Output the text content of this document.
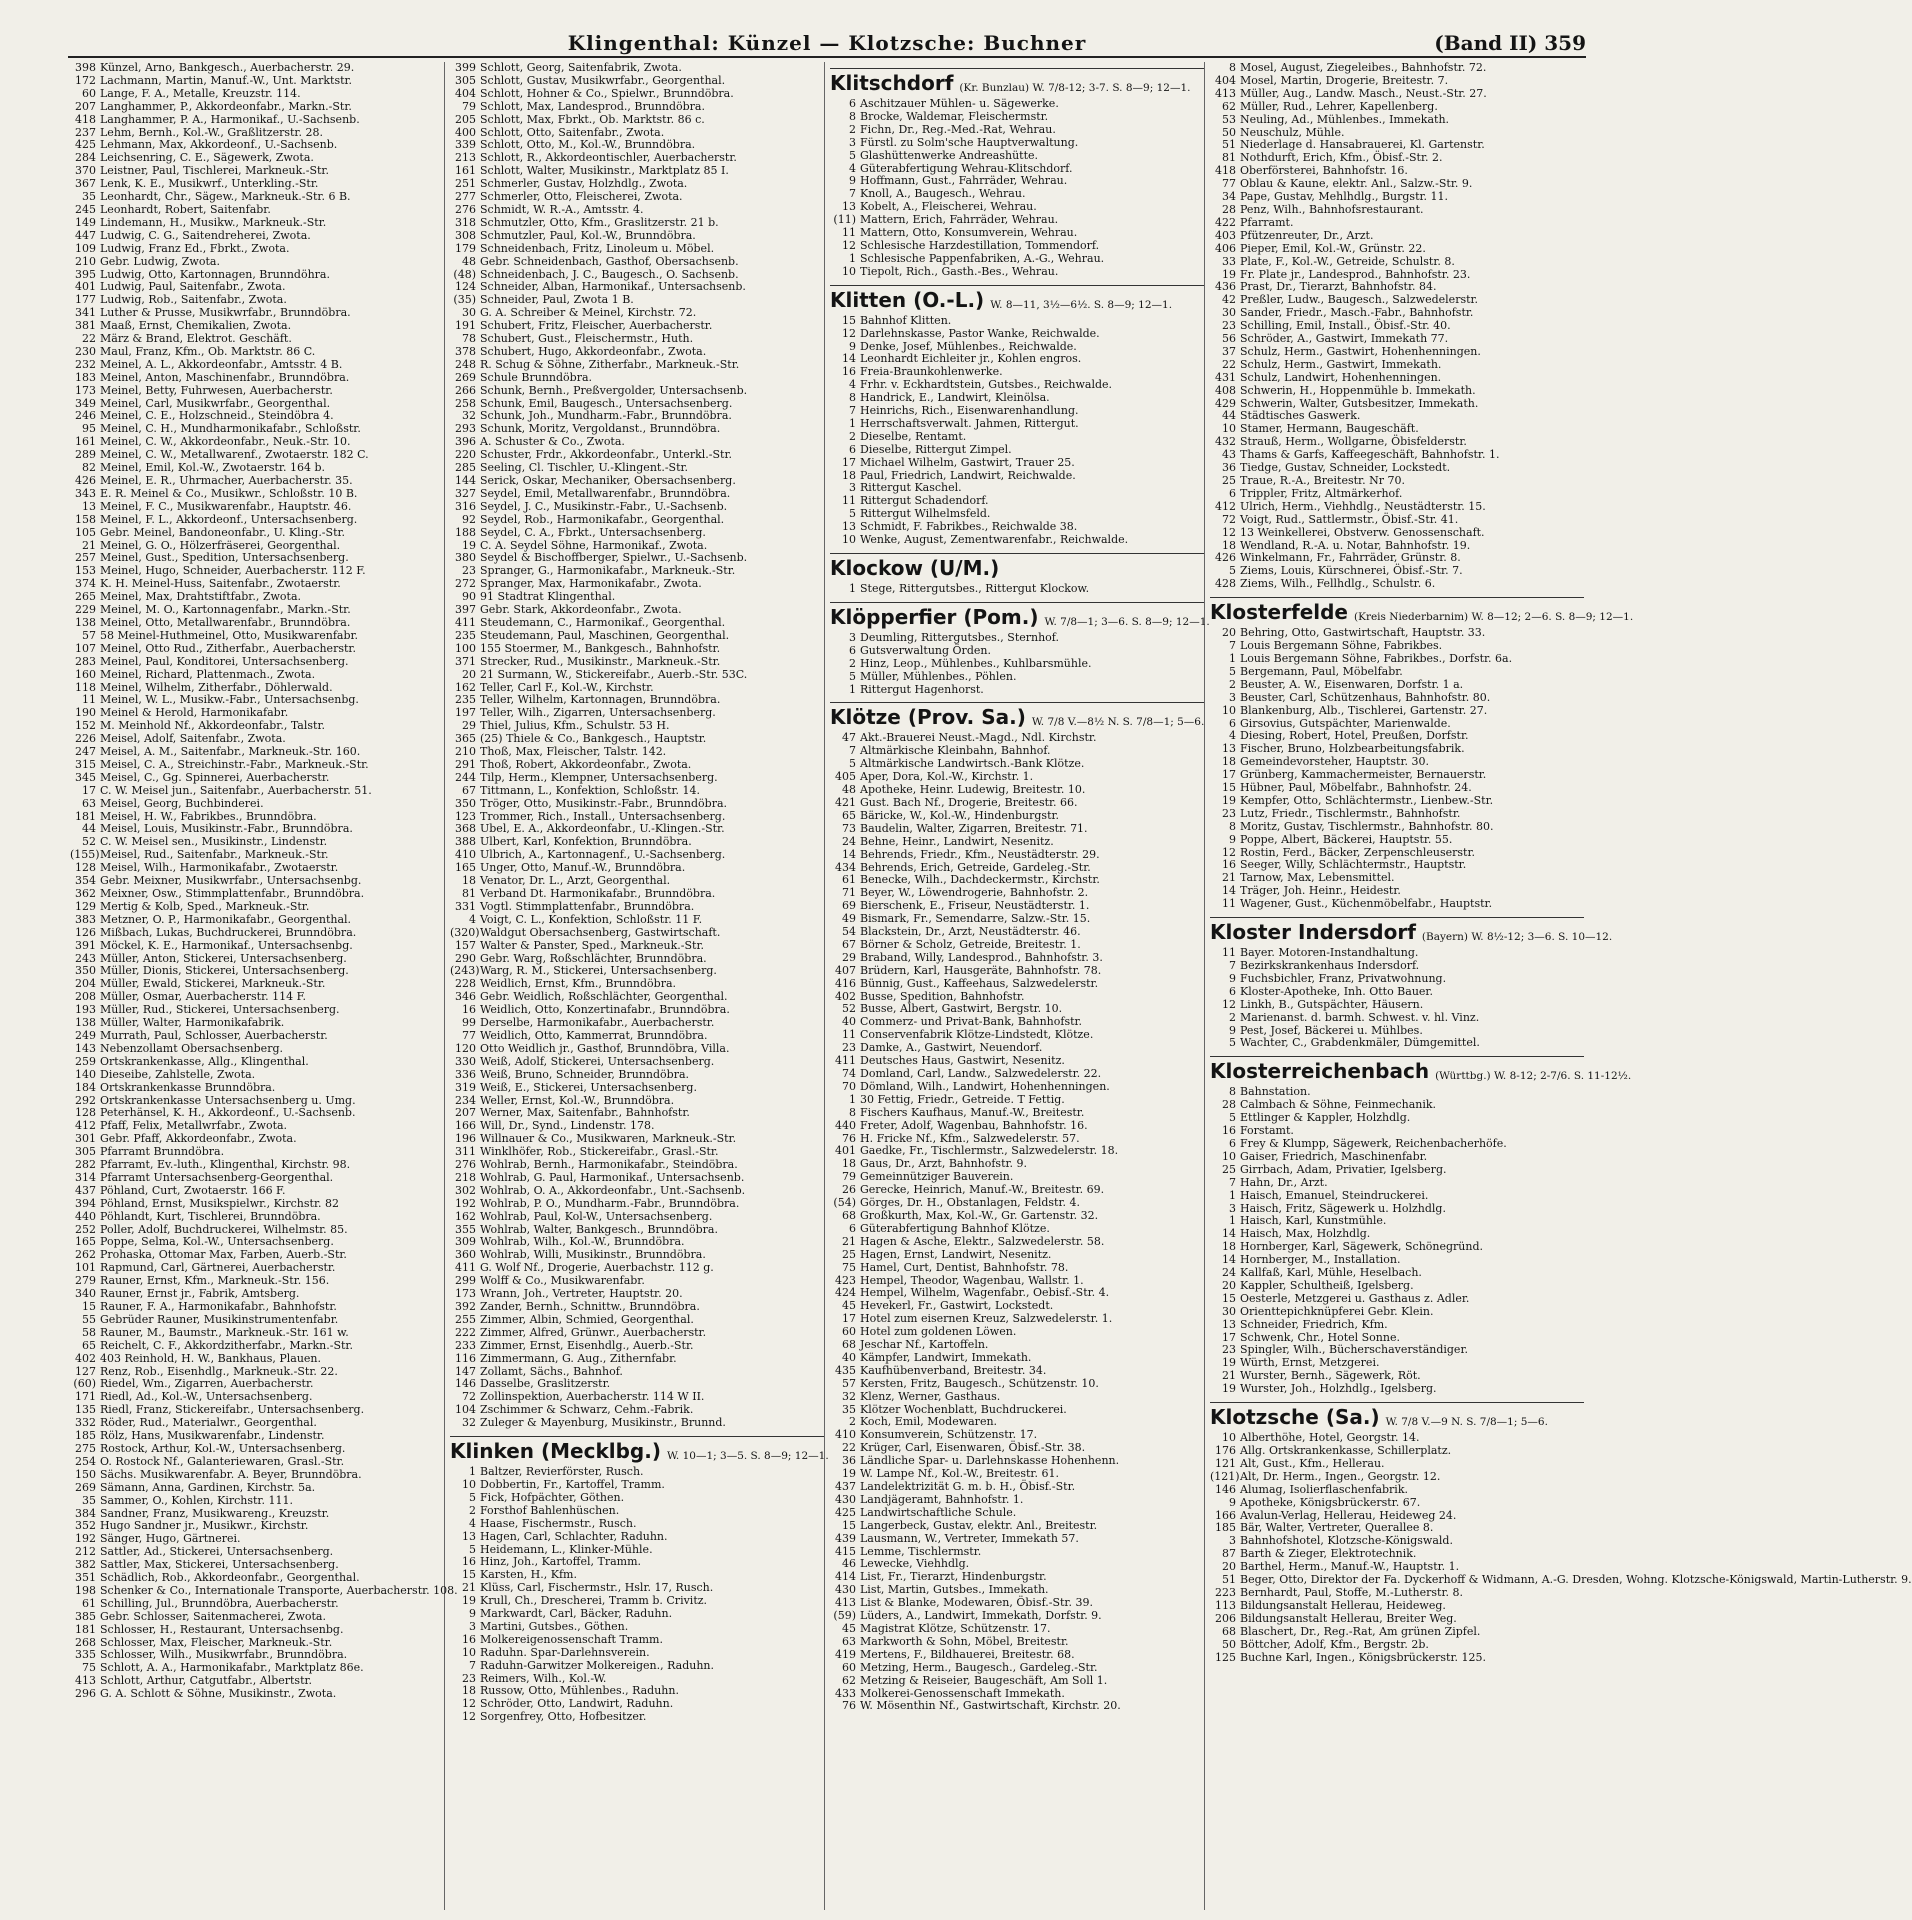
Klingenthal: Künzel — Klotzsche: Buchner	(Band II) 359
398 Künzel, Arno, Bankgesch., Auerbacherstr. 29.
172 Lachmann, Martin, Manuf.-W., Unt. Marktstr.
60 Lange, F. A., Metalle, Kreuzstr. 114.
207 Langhammer, P., Akkordeonfabr., Markn.-Str.
418 Langhammer, P. A., Harmonikaf., U.-Sachsenb.
237 Lehm, Bernh., Kol.-W., Graßlitzerstr. 28.
425 Lehmann, Max, Akkordeonf., U.-Sachsenb.
284 Leichsenring, C. E., Sägewerk, Zwota.
370 Leistner, Paul, Tischlerei, Markneuk.-Str.
367 Lenk, K. E., Musikwrf., Unterkling.-Str.
35 Leonhardt, Chr., Sägew., Markneuk.-Str. 6 B.
245 Leonhardt, Robert, Saitenfabr.
149 Lindemann, H., Musikw., Markneuk.-Str.
447 Ludwig, C. G., Saitendreherei, Zwota.
109 Ludwig, Franz Ed., Fbrkt., Zwota.
210 Gebr. Ludwig, Zwota.
395 Ludwig, Otto, Kartonnagen, Brunndöhra.
401 Ludwig, Paul, Saitenfabr., Zwota.
177 Ludwig, Rob., Saitenfabr., Zwota.
341 Luther & Prusse, Musikwrfabr., Brunndöbra.
381 Maaß, Ernst, Chemikalien, Zwota.
22 März & Brand, Elektrot. Geschäft.
230 Maul, Franz, Kfm., Ob. Marktstr. 86 C.
232 Meinel, A. L., Akkordeonfabr., Amtsstr. 4 B.
183 Meinel, Anton, Maschinenfabr., Brunndöbra.
173 Meinel, Betty, Fuhrwesen, Auerbacherstr.
349 Meinel, Carl, Musikwrfabr., Georgenthal.
246 Meinel, C. E., Holzschneid., Steindöbra 4.
95 Meinel, C. H., Mundharmonikafabr., Schloßstr.
161 Meinel, C. W., Akkordeonfabr., Neuk.-Str. 10.
289 Meinel, C. W., Metallwarenf., Zwotaerstr. 182 C.
82 Meinel, Emil, Kol.-W., Zwotaerstr. 164 b.
426 Meinel, E. R., Uhrmacher, Auerbacherstr. 35.
343 E. R. Meinel & Co., Musikwr., Schloßstr. 10 B.
13 Meinel, F. C., Musikwarenfabr., Hauptstr. 46.
158 Meinel, F. L., Akkordeonf., Untersachsenberg.
105 Gebr. Meinel, Bandoneonfabr., U. Kling.-Str.
21 Meinel, G. O., Hölzerfräserei, Georgenthal.
257 Meinel, Gust., Spedition, Untersachsenberg.
153 Meinel, Hugo, Schneider, Auerbacherstr. 112 F.
374 K. H. Meinel-Huss, Saitenfabr., Zwotaerstr.
265 Meinel, Max, Drahtstiftfabr., Zwota.
229 Meinel, M. O., Kartonnagenfabr., Markn.-Str.
138 Meinel, Otto, Metallwarenfabr., Brunndöbra.
57 58 Meinel-Huthmeinel, Otto, Musikwarenfabr.
107 Meinel, Otto Rud., Zitherfabr., Auerbacherstr.
283 Meinel, Paul, Konditorei, Untersachsenberg.
160 Meinel, Richard, Plattenmach., Zwota.
118 Meinel, Wilhelm, Zitherfabr., Döhlerwald.
11 Meinel, W. L., Musikw.-Fabr., Untersachsenbg.
190 Meinel & Herold, Harmonikafabr.
152 M. Meinhold Nf., Akkordeonfabr., Talstr.
226 Meisel, Adolf, Saitenfabr., Zwota.
247 Meisel, A. M., Saitenfabr., Markneuk.-Str. 160.
315 Meisel, C. A., Streichinstr.-Fabr., Markneuk.-Str.
345 Meisel, C., Gg. Spinnerei, Auerbacherstr.
17 C. W. Meisel jun., Saitenfabr., Auerbacherstr. 51.
63 Meisel, Georg, Buchbinderei.
181 Meisel, H. W., Fabrikbes., Brunndöbra.
44 Meisel, Louis, Musikinstr.-Fabr., Brunndöbra.
52 C. W. Meisel sen., Musikinstr., Lindenstr.
(155) Meisel, Rud., Saitenfabr., Markneuk.-Str.
128 Meisel, Wilh., Harmonikafabr., Zwotaerstr.
354 Gebr. Meixner, Musikwrfabr., Untersachsenbg.
362 Meixner, Osw., Stimmplattenfabr., Brunndöbra.
129 Mertig & Kolb, Sped., Markneuk.-Str.
383 Metzner, O. P., Harmonikafabr., Georgenthal.
126 Mißbach, Lukas, Buchdruckerei, Brunndöbra.
391 Möckel, K. E., Harmonikaf., Untersachsenbg.
243 Müller, Anton, Stickerei, Untersachsenberg.
350 Müller, Dionis, Stickerei, Untersachsenberg.
204 Müller, Ewald, Stickerei, Markneuk.-Str.
208 Müller, Osmar, Auerbacherstr. 114 F.
193 Müller, Rud., Stickerei, Untersachsenberg.
138 Müller, Walter, Harmonikafabrik.
249 Murrath, Paul, Schlosser, Auerbacherstr.
143 Nebenzollamt Obersachsenberg.
259 Ortskrankenkasse, Allg., Klingenthal.
140 Dieseibe, Zahlstelle, Zwota.
184 Ortskrankenkasse Brunndöbra.
292 Ortskrankenkasse Untersachsenberg u. Umg.
128 Peterhänsel, K. H., Akkordeonf., U.-Sachsenb.
412 Pfaff, Felix, Metallwrfabr., Zwota.
301 Gebr. Pfaff, Akkordeonfabr., Zwota.
305 Pfarramt Brunndöbra.
282 Pfarramt, Ev.-luth., Klingenthal, Kirchstr. 98.
314 Pfarramt Untersachsenberg-Georgenthal.
437 Pöhland, Curt, Zwotaerstr. 166 F.
394 Pöhland, Ernst, Musikspielwr., Kirchstr. 82
440 Pöhlandt, Kurt, Tischlerei, Brunndöbra.
252 Poller, Adolf, Buchdruckerei, Wilhelmstr. 85.
165 Poppe, Selma, Kol.-W., Untersachsenberg.
262 Prohaska, Ottomar Max, Farben, Auerb.-Str.
101 Rapmund, Carl, Gärtnerei, Auerbacherstr.
279 Rauner, Ernst, Kfm., Markneuk.-Str. 156.
340 Rauner, Ernst jr., Fabrik, Amtsberg.
15 Rauner, F. A., Harmonikafabr., Bahnhofstr.
55 Gebrüder Rauner, Musikinstrumentenfabr.
58 Rauner, M., Baumstr., Markneuk.-Str. 161 w.
65 Reichelt, C. F., Akkordzitherfabr., Markn.-Str.
402 403 Reinhold, H. W., Bankhaus, Plauen.
127 Renz, Rob., Eisenhdlg., Markneuk.-Str. 22.
(60) Riedel, Wm., Zigarren, Auerbacherstr.
171 Riedl, Ad., Kol.-W., Untersachsenberg.
135 Riedl, Franz, Stickereifabr., Untersachsenberg.
332 Röder, Rud., Materialwr., Georgenthal.
185 Rölz, Hans, Musikwarenfabr., Lindenstr.
275 Rostock, Arthur, Kol.-W., Untersachsenberg.
254 O. Rostock Nf., Galanteriewaren, Grasl.-Str.
150 Sächs. Musikwarenfabr. A. Beyer, Brunndöbra.
269 Sämann, Anna, Gardinen, Kirchstr. 5a.
35 Sammer, O., Kohlen, Kirchstr. 111.
384 Sandner, Franz, Musikwareng., Kreuzstr.
352 Hugo Sandner jr., Musikwr., Kirchstr.
192 Sänger, Hugo, Gärtnerei.
212 Sattler, Ad., Stickerei, Untersachsenberg.
382 Sattler, Max, Stickerei, Untersachsenberg.
351 Schädlich, Rob., Akkordeonfabr., Georgenthal.
198 Schenker & Co., Internationale Transporte, Auerbacherstr. 108.
61 Schilling, Jul., Brunndöbra, Auerbacherstr.
385 Gebr. Schlosser, Saitenmacherei, Zwota.
181 Schlosser, H., Restaurant, Untersachsenbg.
268 Schlosser, Max, Fleischer, Markneuk.-Str.
335 Schlosser, Wilh., Musikwrfabr., Brunndöbra.
75 Schlott, A. A., Harmonikafabr., Marktplatz 86e.
413 Schlott, Arthur, Catgutfabr., Albertstr.
296 G. A. Schlott & Söhne, Musikinstr., Zwota.
399 Schlott, Georg, Saitenfabrik, Zwota.
305 Schlott, Gustav, Musikwrfabr., Georgenthal.
404 Schlott, Hohner & Co., Spielwr., Brunndöbra.
79 Schlott, Max, Landesprod., Brunndöbra.
205 Schlott, Max, Fbrkt., Ob. Marktstr. 86 c.
400 Schlott, Otto, Saitenfabr., Zwota.
339 Schlott, Otto, M., Kol.-W., Brunndöbra.
213 Schlott, R., Akkordeontischler, Auerbacherstr.
161 Schlott, Walter, Musikinstr., Marktplatz 85 I.
251 Schmerler, Gustav, Holzhdlg., Zwota.
277 Schmerler, Otto, Fleischerei, Zwota.
276 Schmidt, W. R.-A., Amtsstr. 4.
318 Schmutzler, Otto, Kfm., Graslitzerstr. 21 b.
308 Schmutzler, Paul, Kol.-W., Brunndöbra.
179 Schneidenbach, Fritz, Linoleum u. Möbel.
48 Gebr. Schneidenbach, Gasthof, Obersachsenb.
(48) Schneidenbach, J. C., Baugesch., O. Sachsenb.
124 Schneider, Alban, Harmonikaf., Untersachsenb.
(35) Schneider, Paul, Zwota 1 B.
30 G. A. Schreiber & Meinel, Kirchstr. 72.
191 Schubert, Fritz, Fleischer, Auerbacherstr.
78 Schubert, Gust., Fleischermstr., Huth.
378 Schubert, Hugo, Akkordeonfabr., Zwota.
248 R. Schug & Söhne, Zitherfabr., Markneuk.-Str.
269 Schule Brunndöbra.
266 Schunk, Bernh., Preßvergolder, Untersachsenb.
258 Schunk, Emil, Baugesch., Untersachsenberg.
32 Schunk, Joh., Mundharm.-Fabr., Brunndöbra.
293 Schunk, Moritz, Vergoldanst., Brunndöbra.
396 A. Schuster & Co., Zwota.
220 Schuster, Frdr., Akkordeonfabr., Unterkl.-Str.
285 Seeling, Cl. Tischler, U.-Klingent.-Str.
144 Serick, Oskar, Mechaniker, Obersachsenberg.
327 Seydel, Emil, Metallwarenfabr., Brunndöbra.
316 Seydel, J. C., Musikinstr.-Fabr., U.-Sachsenb.
92 Seydel, Rob., Harmonikafabr., Georgenthal.
188 Seydel, C. A., Fbrkt., Untersachsenberg.
19 C. A. Seydel Söhne, Harmonikaf., Zwota.
380 Seydel & Bischoffberger, Spielwr., U.-Sachsenb.
23 Spranger, G., Harmonikafabr., Markneuk.-Str.
272 Spranger, Max, Harmonikafabr., Zwota.
90 91 Stadtrat Klingenthal.
397 Gebr. Stark, Akkordeonfabr., Zwota.
411 Steudemann, C., Harmonikaf., Georgenthal.
235 Steudemann, Paul, Maschinen, Georgenthal.
100 155 Stoermer, M., Bankgesch., Bahnhofstr.
371 Strecker, Rud., Musikinstr., Markneuk.-Str.
20 21 Surmann, W., Stickereifabr., Auerb.-Str. 53C.
162 Teller, Carl F., Kol.-W., Kirchstr.
235 Teller, Wilhelm, Kartonnagen, Brunndöbra.
197 Teller, Wilh., Zigarren, Untersachsenberg.
29 Thiel, Julius, Kfm., Schulstr. 53 H.
365 (25) Thiele & Co., Bankgesch., Hauptstr.
210 Thoß, Max, Fleischer, Talstr. 142.
291 Thoß, Robert, Akkordeonfabr., Zwota.
244 Tilp, Herm., Klempner, Untersachsenberg.
67 Tittmann, L., Konfektion, Schloßstr. 14.
350 Tröger, Otto, Musikinstr.-Fabr., Brunndöbra.
123 Trommer, Rich., Install., Untersachsenberg.
368 Ubel, E. A., Akkordeonfabr., U.-Klingen.-Str.
388 Ulbert, Karl, Konfektion, Brunndöbra.
410 Ulbrich, A., Kartonnagenf., U.-Sachsenberg.
165 Unger, Otto, Manuf.-W., Brunndöbra.
18 Venator, Dr. L., Arzt, Georgenthal.
81 Verband Dt. Harmonikafabr., Brunndöbra.
331 Vogtl. Stimmplattenfabr., Brunndöbra.
4 Voigt, C. L., Konfektion, Schloßstr. 11 F.
(320) Waldgut Obersachsenberg, Gastwirtschaft.
157 Walter & Panster, Sped., Markneuk.-Str.
290 Gebr. Warg, Roßschlächter, Brunndöbra.
(243) Warg, R. M., Stickerei, Untersachsenberg.
228 Weidlich, Ernst, Kfm., Brunndöbra.
346 Gebr. Weidlich, Roßschlächter, Georgenthal.
16 Weidlich, Otto, Konzertinafabr., Brunndöbra.
99 Derselbe, Harmonikafabr., Auerbacherstr.
77 Weidlich, Otto, Kammerrat, Brunndöbra.
120 Otto Weidlich jr., Gasthof, Brunndöbra, Villa.
330 Weiß, Adolf, Stickerei, Untersachsenberg.
336 Weiß, Bruno, Schneider, Brunndöbra.
319 Weiß, E., Stickerei, Untersachsenberg.
234 Weller, Ernst, Kol.-W., Brunndöbra.
207 Werner, Max, Saitenfabr., Bahnhofstr.
166 Will, Dr., Synd., Lindenstr. 178.
196 Willnauer & Co., Musikwaren, Markneuk.-Str.
311 Winklhöfer, Rob., Stickereifabr., Grasl.-Str.
276 Wohlrab, Bernh., Harmonikafabr., Steindöbra.
218 Wohlrab, G. Paul, Harmonikaf., Untersachsenb.
302 Wohlrab, O. A., Akkordeonfabr., Unt.-Sachsenb.
192 Wohlrab, P. O., Mundharm.-Fabr., Brunndöbra.
162 Wohlrab, Paul, Kol-W., Untersachsenberg.
355 Wohlrab, Walter, Bankgesch., Brunndöbra.
309 Wohlrab, Wilh., Kol.-W., Brunndöbra.
360 Wohlrab, Willi, Musikinstr., Brunndöbra.
411 G. Wolf Nf., Drogerie, Auerbachstr. 112 g.
299 Wolff & Co., Musikwarenfabr.
173 Wrann, Joh., Vertreter, Hauptstr. 20.
392 Zander, Bernh., Schnittw., Brunndöbra.
255 Zimmer, Albin, Schmied, Georgenthal.
222 Zimmer, Alfred, Grünwr., Auerbacherstr.
233 Zimmer, Ernst, Eisenhdlg., Auerb.-Str.
116 Zimmermann, G. Aug., Zithernfabr.
147 Zollamt, Sächs., Bahnhof.
146 Dasselbe, Graslitzerstr.
72 Zollinspektion, Auerbacherstr. 114 W II.
104 Zschimmer & Schwarz, Cehm.-Fabrik.
32 Zuleger & Mayenburg, Musikinstr., Brunnd.
Klinken (Mecklbg.) W. 10—1; 3—5. S. 8—9; 12—1.
1 Baltzer, Revierförster, Rusch.
10 Dobbertin, Fr., Kartoffel, Tramm.
5 Fick, Hofpächter, Göthen.
2 Forsthof Bahlenhüschen.
4 Haase, Fischermstr., Rusch.
13 Hagen, Carl, Schlachter, Raduhn.
5 Heidemann, L., Klinker-Mühle.
16 Hinz, Joh., Kartoffel, Tramm.
15 Karsten, H., Kfm.
21 Klüss, Carl, Fischermstr., Hslr. 17, Rusch.
19 Krull, Ch., Drescherei, Tramm b. Crivitz.
9 Markwardt, Carl, Bäcker, Raduhn.
3 Martini, Gutsbes., Göthen.
16 Molkereigenossenschaft Tramm.
10 Raduhn. Spar-Darlehnsverein.
7 Raduhn-Garwitzer Molkereigen., Raduhn.
23 Reimers, Wilh., Kol.-W.
18 Russow, Otto, Mühlenbes., Raduhn.
12 Schröder, Otto, Landwirt, Raduhn.
12 Sorgenfrey, Otto, Hofbesitzer.
Klitschdorf (Kr. Bunzlau) W. 7/8-12; 3-7. S. 8—9; 12—1.
6 Aschitzauer Mühlen- u. Sägewerke.
8 Brocke, Waldemar, Fleischermstr.
2 Fichn, Dr., Reg.-Med.-Rat, Wehrau.
3 Fürstl. zu Solm'sche Hauptverwaltung.
5 Glashüttenwerke Andreashütte.
4 Güterabfertigung Wehrau-Klitschdorf.
9 Hoffmann, Gust., Fahrräder, Wehrau.
7 Knoll, A., Baugesch., Wehrau.
13 Kobelt, A., Fleischerei, Wehrau.
(11) Mattern, Erich, Fahrräder, Wehrau.
11 Mattern, Otto, Konsumverein, Wehrau.
12 Schlesische Harzdestillation, Tommendorf.
1 Schlesische Pappenfabriken, A.-G., Wehrau.
10 Tiepolt, Rich., Gasth.-Bes., Wehrau.
Klitten (O.-L.) W. 8—11, 3½—6½. S. 8—9; 12—1.
15 Bahnhof Klitten.
12 Darlehnskasse, Pastor Wanke, Reichwalde.
9 Denke, Josef, Mühlenbes., Reichwalde.
14 Leonhardt Eichleiter jr., Kohlen engros.
16 Freia-Braunkohlenwerke.
4 Frhr. v. Eckhardtstein, Gutsbes., Reichwalde.
8 Handrick, E., Landwirt, Kleinölsa.
7 Heinrichs, Rich., Eisenwarenhandlung.
1 Herrschaftsverwalt. Jahmen, Rittergut.
2 Dieselbe, Rentamt.
6 Dieselbe, Rittergut Zimpel.
17 Michael Wilhelm, Gastwirt, Trauer 25.
18 Paul, Friedrich, Landwirt, Reichwalde.
3 Rittergut Kaschel.
11 Rittergut Schadendorf.
5 Rittergut Wilhelmsfeld.
13 Schmidt, F. Fabrikbes., Reichwalde 38.
10 Wenke, August, Zementwarenfabr., Reichwalde.
Klockow (U/M.)
1 Stege, Rittergutsbes., Rittergut Klockow.
Klöpperfier (Pom.) W. 7/8—1; 3—6. S. 8—9; 12—1.
3 Deumling, Rittergutsbes., Sternhof.
6 Gutsverwaltung Örden.
2 Hinz, Leop., Mühlenbes., Kuhlbarsmühle.
5 Müller, Mühlenbes., Pöhlen.
1 Rittergut Hagenhorst.
Klötze (Prov. Sa.) W. 7/8 V.—8½ N. S. 7/8—1; 5—6.
47 Akt.-Brauerei Neust.-Magd., Ndl. Kirchstr.
7 Altmärkische Kleinbahn, Bahnhof.
5 Altmärkische Landwirtsch.-Bank Klötze.
405 Aper, Dora, Kol.-W., Kirchstr. 1.
48 Apotheke, Heinr. Ludewig, Breitestr. 10.
421 Gust. Bach Nf., Drogerie, Breitestr. 66.
65 Bäricke, W., Kol.-W., Hindenburgstr.
73 Baudelin, Walter, Zigarren, Breitestr. 71.
24 Behne, Heinr., Landwirt, Nesenitz.
14 Behrends, Friedr., Kfm., Neustädterstr. 29.
434 Behrends, Erich, Getreide, Gardeleg.-Str.
61 Benecke, Wilh., Dachdeckermstr., Kirchstr.
71 Beyer, W., Löwendrogerie, Bahnhofstr. 2.
69 Bierschenk, E., Friseur, Neustädterstr. 1.
49 Bismark, Fr., Semendarre, Salzw.-Str. 15.
54 Blackstein, Dr., Arzt, Neustädterstr. 46.
67 Börner & Scholz, Getreide, Breitestr. 1.
29 Braband, Willy, Landesprod., Bahnhofstr. 3.
407 Brüdern, Karl, Hausgeräte, Bahnhofstr. 78.
416 Bünnig, Gust., Kaffeehaus, Salzwedelerstr.
402 Busse, Spedition, Bahnhofstr.
52 Busse, Albert, Gastwirt, Bergstr. 10.
40 Commerz- und Privat-Bank, Bahnhofstr.
11 Conservenfabrik Klötze-Lindstedt, Klötze.
23 Damke, A., Gastwirt, Neuendorf.
411 Deutsches Haus, Gastwirt, Nesenitz.
74 Domland, Carl, Landw., Salzwedelerstr. 22.
70 Dömland, Wilh., Landwirt, Hohenhenningen.
1 30 Fettig, Friedr., Getreide. T Fettig.
8 Fischers Kaufhaus, Manuf.-W., Breitestr.
440 Freter, Adolf, Wagenbau, Bahnhofstr. 16.
76 H. Fricke Nf., Kfm., Salzwedelerstr. 57.
401 Gaedke, Fr., Tischlermstr., Salzwedelerstr. 18.
18 Gaus, Dr., Arzt, Bahnhofstr. 9.
79 Gemeinnütziger Bauverein.
26 Gerecke, Heinrich, Manuf.-W., Breitestr. 69.
(54) Görges, Dr. H., Obstanlagen, Feldstr. 4.
68 Großkurth, Max, Kol.-W., Gr. Gartenstr. 32.
6 Güterabfertigung Bahnhof Klötze.
21 Hagen & Asche, Elektr., Salzwedelerstr. 58.
25 Hagen, Ernst, Landwirt, Nesenitz.
75 Hamel, Curt, Dentist, Bahnhofstr. 78.
423 Hempel, Theodor, Wagenbau, Wallstr. 1.
424 Hempel, Wilhelm, Wagenfabr., Oebisf.-Str. 4.
45 Hevekerl, Fr., Gastwirt, Lockstedt.
17 Hotel zum eisernen Kreuz, Salzwedelerstr. 1.
60 Hotel zum goldenen Löwen.
68 Jeschar Nf., Kartoffeln.
40 Kämpfer, Landwirt, Immekath.
435 Kaufhübenverband, Breitestr. 34.
57 Kersten, Fritz, Baugesch., Schützenstr. 10.
32 Klenz, Werner, Gasthaus.
35 Klötzer Wochenblatt, Buchdruckerei.
2 Koch, Emil, Modewaren.
410 Konsumverein, Schützenstr. 17.
22 Krüger, Carl, Eisenwaren, Öbisf.-Str. 38.
36 Ländliche Spar- u. Darlehnskasse Hohenhenn.
19 W. Lampe Nf., Kol.-W., Breitestr. 61.
437 Landelektrizität G. m. b. H., Öbisf.-Str.
430 Landjägeramt, Bahnhofstr. 1.
425 Landwirtschaftliche Schule.
15 Langerbeck, Gustav, elektr. Anl., Breitestr.
439 Lausmann, W., Vertreter, Immekath 57.
415 Lemme, Tischlermstr.
46 Lewecke, Viehhdlg.
414 List, Fr., Tierarzt, Hindenburgstr.
430 List, Martin, Gutsbes., Immekath.
413 List & Blanke, Modewaren, Öbisf.-Str. 39.
(59) Lüders, A., Landwirt, Immekath, Dorfstr. 9.
45 Magistrat Klötze, Schützenstr. 17.
63 Markworth & Sohn, Möbel, Breitestr.
419 Mertens, F., Bildhauerei, Breitestr. 68.
60 Metzing, Herm., Baugesch., Gardeleg.-Str.
62 Metzing & Reiseier, Baugeschäft, Am Soll 1.
433 Molkerei-Genossenschaft Immekath.
76 W. Mösenthin Nf., Gastwirtschaft, Kirchstr. 20.
8 Mosel, August, Ziegeleibes., Bahnhofstr. 72.
404 Mosel, Martin, Drogerie, Breitestr. 7.
413 Müller, Aug., Landw. Masch., Neust.-Str. 27.
62 Müller, Rud., Lehrer, Kapellenberg.
53 Neuling, Ad., Mühlenbes., Immekath.
50 Neuschulz, Mühle.
51 Niederlage d. Hansabrauerei, Kl. Gartenstr.
81 Nothdurft, Erich, Kfm., Öbisf.-Str. 2.
418 Oberförsterei, Bahnhofstr. 16.
77 Oblau & Kaune, elektr. Anl., Salzw.-Str. 9.
34 Pape, Gustav, Mehlhdlg., Burgstr. 11.
28 Penz, Wilh., Bahnhofsrestaurant.
422 Pfarramt.
403 Pfützenreuter, Dr., Arzt.
406 Pieper, Emil, Kol.-W., Grünstr. 22.
33 Plate, F., Kol.-W., Getreide, Schulstr. 8.
19 Fr. Plate jr., Landesprod., Bahnhofstr. 23.
436 Prast, Dr., Tierarzt, Bahnhofstr. 84.
42 Preßler, Ludw., Baugesch., Salzwedelerstr.
30 Sander, Friedr., Masch.-Fabr., Bahnhofstr.
23 Schilling, Emil, Install., Öbisf.-Str. 40.
56 Schröder, A., Gastwirt, Immekath 77.
37 Schulz, Herm., Gastwirt, Hohenhenningen.
22 Schulz, Herm., Gastwirt, Immekath.
431 Schulz, Landwirt, Hohenhenningen.
408 Schwerin, H., Hoppenmühle b. Immekath.
429 Schwerin, Walter, Gutsbesitzer, Immekath.
44 Städtisches Gaswerk.
10 Stamer, Hermann, Baugeschäft.
432 Strauß, Herm., Wollgarne, Öbisfelderstr.
43 Thams & Garfs, Kaffeegeschäft, Bahnhofstr. 1.
36 Tiedge, Gustav, Schneider, Lockstedt.
25 Traue, R.-A., Breitestr. Nr 70.
6 Trippler, Fritz, Altmärkerhof.
412 Ulrich, Herm., Viehhdlg., Neustädterstr. 15.
72 Voigt, Rud., Sattlermstr., Öbisf.-Str. 41.
12 13 Weinkellerei, Obstverw. Genossenschaft.
18 Wendland, R.-A. u. Notar, Bahnhofstr. 19.
426 Winkelmann, Fr., Fahrräder, Grünstr. 8.
5 Ziems, Louis, Kürschnerei, Öbisf.-Str. 7.
428 Ziems, Wilh., Fellhdlg., Schulstr. 6.
Klosterfelde (Kreis Niederbarnim) W. 8—12; 2—6. S. 8—9; 12—1.
20 Behring, Otto, Gastwirtschaft, Hauptstr. 33.
7 Louis Bergemann Söhne, Fabrikbes.
1 Louis Bergemann Söhne, Fabrikbes., Dorfstr. 6a.
5 Bergemann, Paul, Möbelfabr.
2 Beuster, A. W., Eisenwaren, Dorfstr. 1 a.
3 Beuster, Carl, Schützenhaus, Bahnhofstr. 80.
10 Blankenburg, Alb., Tischlerei, Gartenstr. 27.
6 Girsovius, Gutspächter, Marienwalde.
4 Diesing, Robert, Hotel, Preußen, Dorfstr.
13 Fischer, Bruno, Holzbearbeitungsfabrik.
18 Gemeindevorsteher, Hauptstr. 30.
17 Grünberg, Kammachermeister, Bernauerstr.
15 Hübner, Paul, Möbelfabr., Bahnhofstr. 24.
19 Kempfer, Otto, Schlächtermstr., Lienbew.-Str.
23 Lutz, Friedr., Tischlermstr., Bahnhofstr.
8 Moritz, Gustav, Tischlermstr., Bahnhofstr. 80.
9 Poppe, Albert, Bäckerei, Hauptstr. 55.
12 Rostin, Ferd., Bäcker, Zerpenschleuserstr.
16 Seeger, Willy, Schlächtermstr., Hauptstr.
21 Tarnow, Max, Lebensmittel.
14 Träger, Joh. Heinr., Heidestr.
11 Wagener, Gust., Küchenmöbelfabr., Hauptstr.
Kloster Indersdorf (Bayern) W. 8½-12; 3—6. S. 10—12.
11 Bayer. Motoren-Instandhaltung.
7 Bezirkskrankenhaus Indersdorf.
9 Fuchsbichler, Franz, Privatwohnung.
6 Kloster-Apotheke, Inh. Otto Bauer.
12 Linkh, B., Gutspächter, Häusern.
2 Marienanst. d. barmh. Schwest. v. hl. Vinz.
9 Pest, Josef, Bäckerei u. Mühlbes.
5 Wachter, C., Grabdenkmäler, Dümgemittel.
Klosterreichenbach (Württbg.) W. 8-12; 2-7/6. S. 11-12½.
8 Bahnstation.
28 Calmbach & Söhne, Feinmechanik.
5 Ettlinger & Kappler, Holzhdlg.
16 Forstamt.
6 Frey & Klumpp, Sägewerk, Reichenbacherhöfe.
10 Gaiser, Friedrich, Maschinenfabr.
25 Girrbach, Adam, Privatier, Igelsberg.
7 Hahn, Dr., Arzt.
1 Haisch, Emanuel, Steindruckerei.
3 Haisch, Fritz, Sägewerk u. Holzhdlg.
1 Haisch, Karl, Kunstmühle.
14 Haisch, Max, Holzhdlg.
18 Hornberger, Karl, Sägewerk, Schönegründ.
14 Hornberger, M., Installation.
24 Kallfaß, Karl, Mühle, Heselbach.
20 Kappler, Schultheiß, Igelsberg.
15 Oesterle, Metzgerei u. Gasthaus z. Adler.
30 Orienttepichknüpferei Gebr. Klein.
13 Schneider, Friedrich, Kfm.
17 Schwenk, Chr., Hotel Sonne.
23 Spingler, Wilh., Bücherschaverständiger.
19 Würth, Ernst, Metzgerei.
21 Wurster, Bernh., Sägewerk, Röt.
19 Wurster, Joh., Holzhdlg., Igelsberg.
Klotzsche (Sa.) W. 7/8 V.—9 N. S. 7/8—1; 5—6.
10 Alberthöhe, Hotel, Georgstr. 14.
176 Allg. Ortskrankenkasse, Schillerplatz.
121 Alt, Gust., Kfm., Hellerau.
(121) Alt, Dr. Herm., Ingen., Georgstr. 12.
146 Alumag, Isolierflaschenfabrik.
9 Apotheke, Königsbrückerstr. 67.
166 Avalun-Verlag, Hellerau, Heideweg 24.
185 Bär, Walter, Vertreter, Querallee 8.
3 Bahnhofshotel, Klotzsche-Königswald.
87 Barth & Zieger, Elektrotechnik.
20 Barthel, Herm., Manuf.-W., Hauptstr. 1.
51 Beger, Otto, Direktor der Fa. Dyckerhoff & Widmann, A.-G. Dresden, Wohng. Klotzsche-Königswald, Martin-Lutherstr. 9.
223 Bernhardt, Paul, Stoffe, M.-Lutherstr. 8.
113 Bildungsanstalt Hellerau, Heideweg.
206 Bildungsanstalt Hellerau, Breiter Weg.
68 Blaschert, Dr., Reg.-Rat, Am grünen Zipfel.
50 Böttcher, Adolf, Kfm., Bergstr. 2b.
125 Buchne Karl, Ingen., Königsbrückerstr. 125.
